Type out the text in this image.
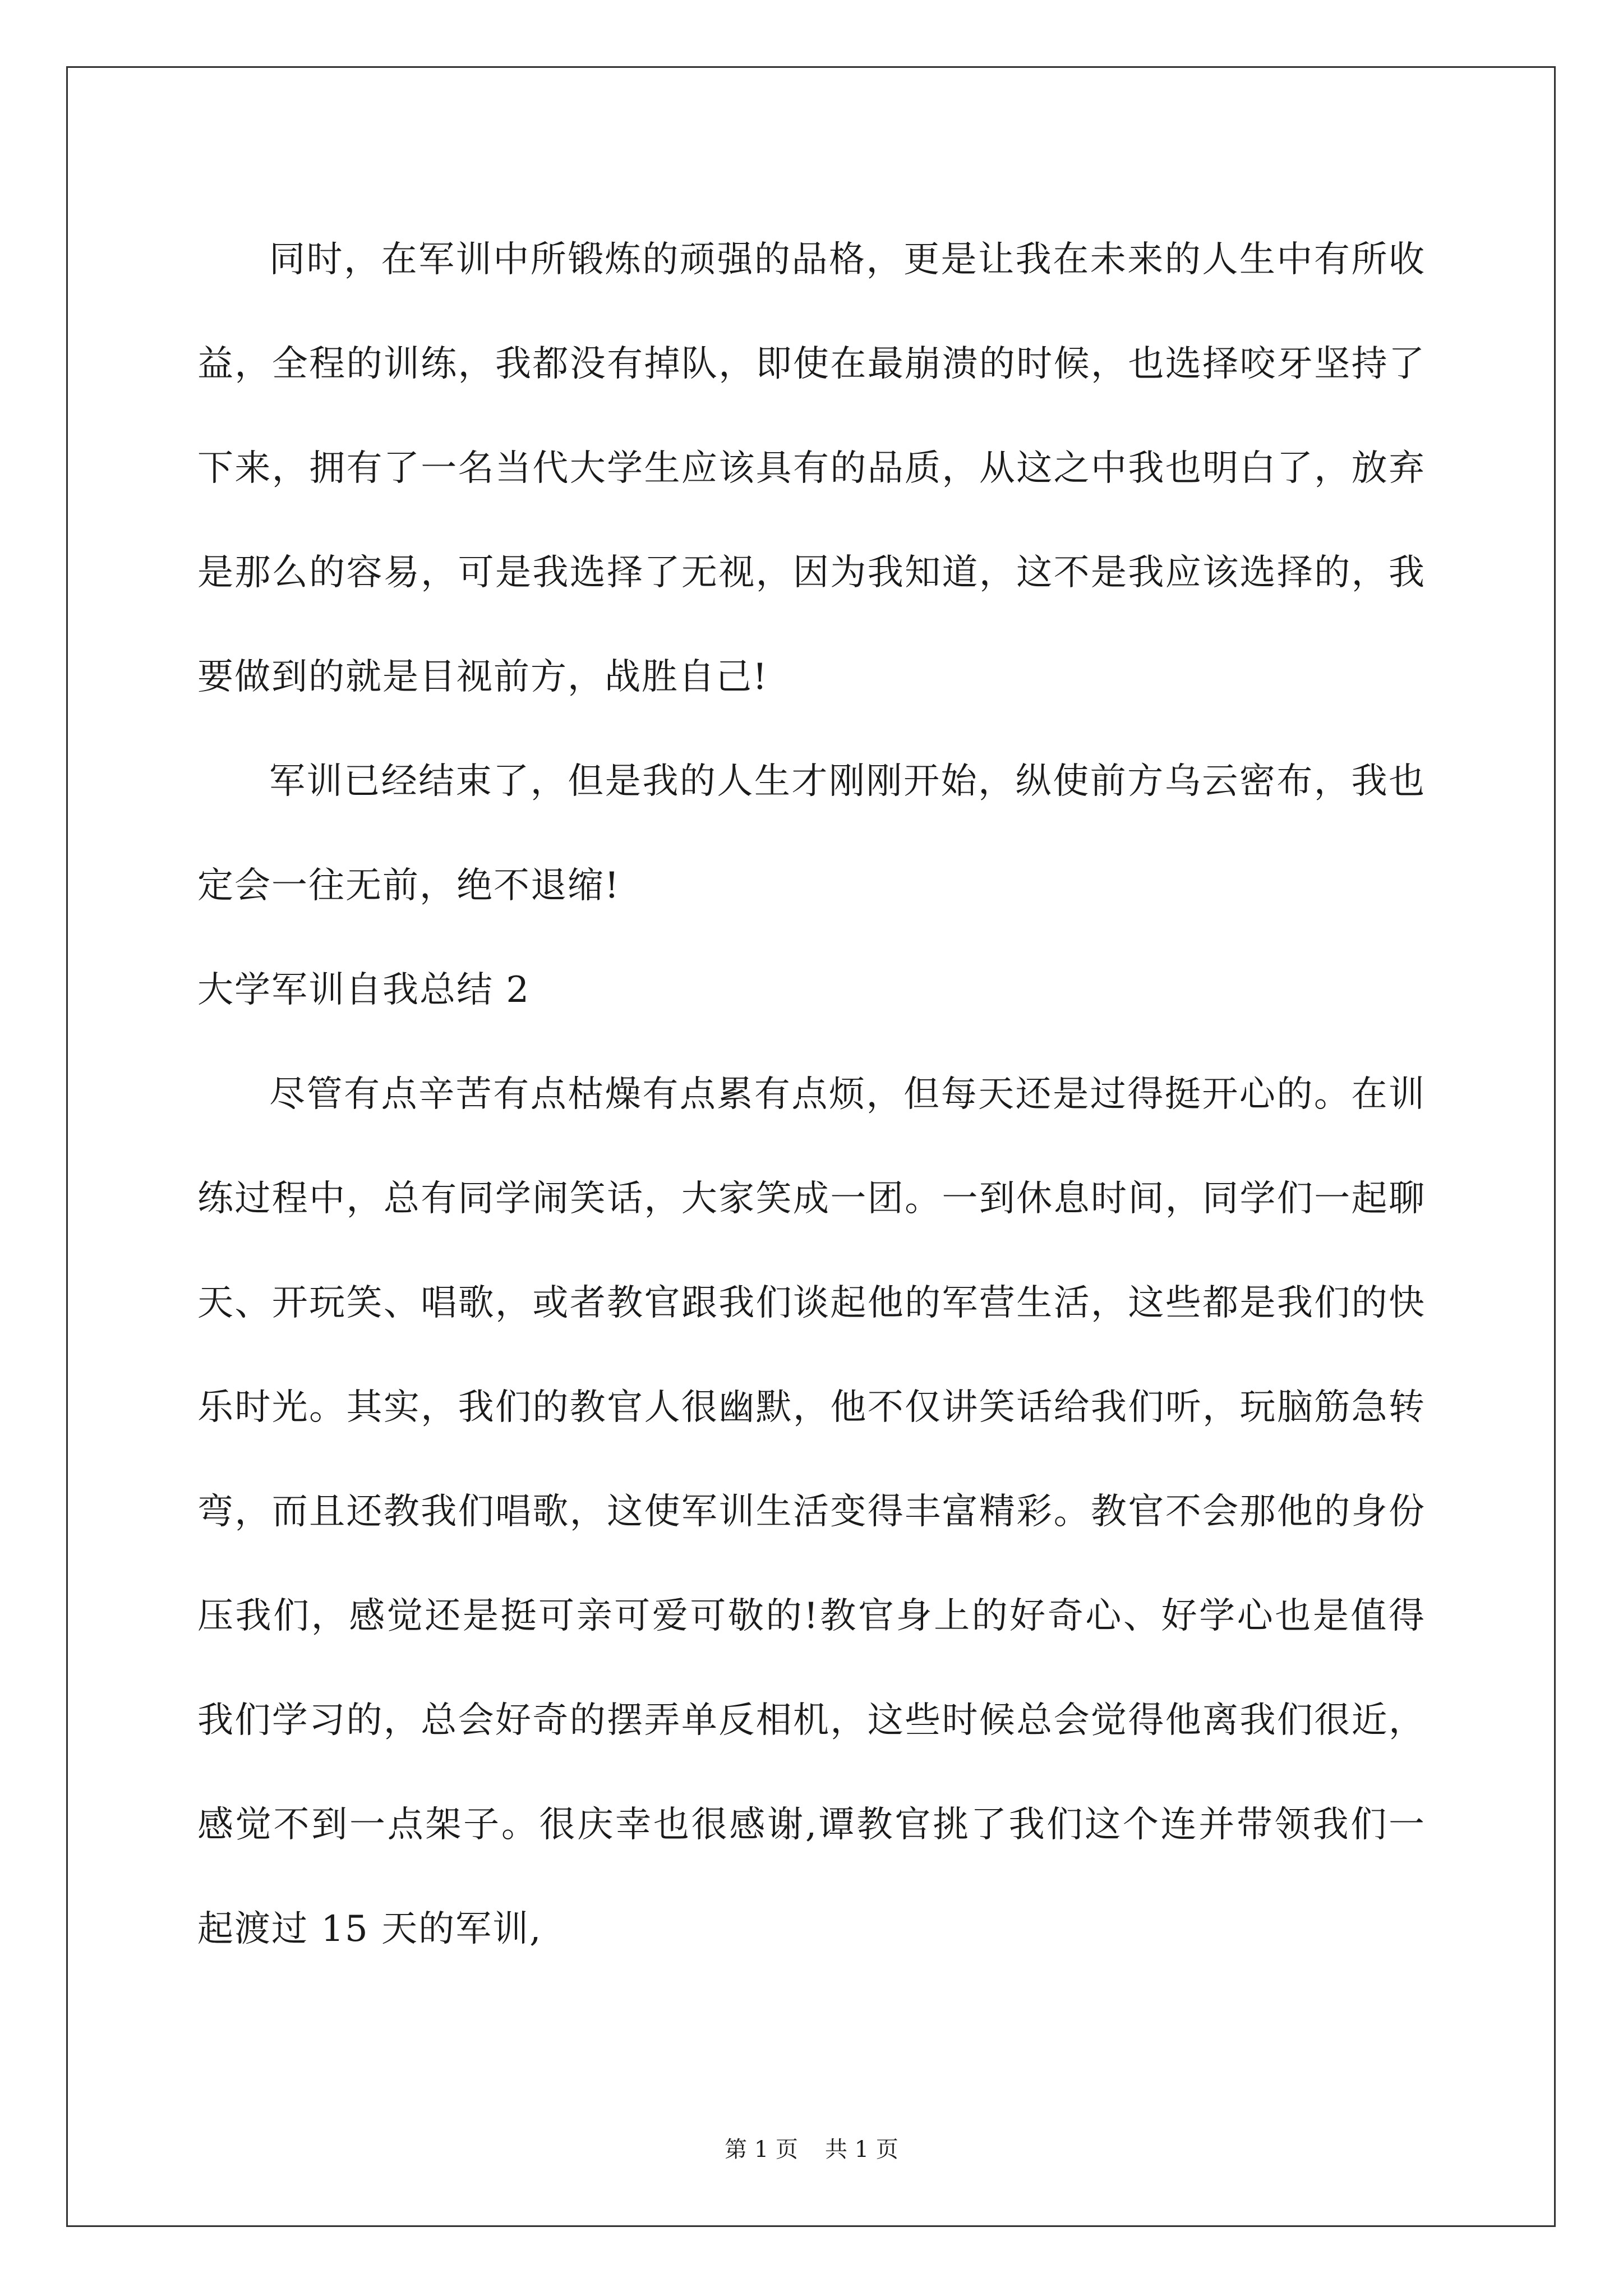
同时，在军训中所锻炼的顽强的品格，更是让我在未来的人生中有所收益，全程的训练，我都没有掉队，即使在最崩溃的时候，也选择咬牙坚持了下来，拥有了一名当代大学生应该具有的品质，从这之中我也明白了，放弃是那么的容易，可是我选择了无视，因为我知道，这不是我应该选择的，我要做到的就是目视前方，战胜自己!

军训已经结束了，但是我的人生才刚刚开始，纵使前方乌云密布，我也定会一往无前，绝不退缩!

大学军训自我总结 2

尽管有点辛苦有点枯燥有点累有点烦，但每天还是过得挺开心的。在训练过程中，总有同学闹笑话，大家笑成一团。一到休息时间，同学们一起聊天、开玩笑、唱歌，或者教官跟我们谈起他的军营生活，这些都是我们的快乐时光。其实，我们的教官人很幽默，他不仅讲笑话给我们听，玩脑筋急转弯，而且还教我们唱歌，这使军训生活变得丰富精彩。教官不会那他的身份压我们，感觉还是挺可亲可爱可敬的!教官身上的好奇心、好学心也是值得我们学习的，总会好奇的摆弄单反相机，这些时候总会觉得他离我们很近，感觉不到一点架子。很庆幸也很感谢,谭教官挑了我们这个连并带领我们一起渡过 15 天的军训,

第 1 页 共 1 页
